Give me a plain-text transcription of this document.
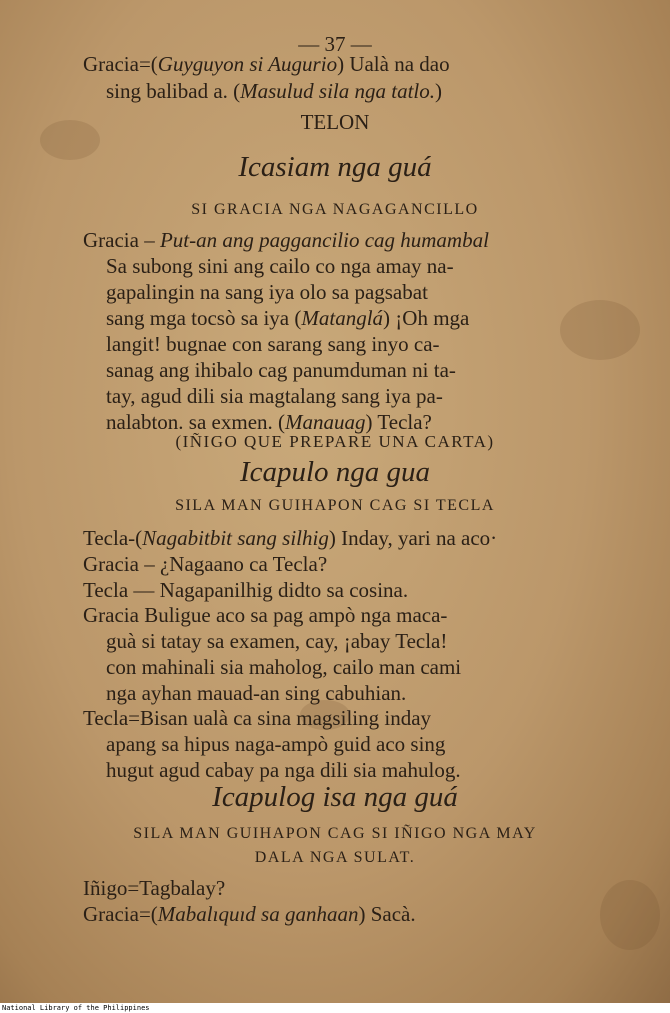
— 37 —
Gracia=(Guyguyon si Augurio) Ualà na dao
sing balibad a. (Masulud sila nga tatlo.)
TELON
Icasiam nga guá
SI GRACIA NGA NAGAGANCILLO
Gracia – Put-an ang paggancilio cag humambal
Sa subong sini ang cailo co nga amay na-
gapalingin na sang iya olo sa pagsabat
sang mga tocsò sa iya (Matanglá) ¡Oh mga
langit! bugnae con sarang sang inyo ca-
sanag ang ihibalo cag panumduman ni ta-
tay, agud dili sia magtalang sang iya pa-
nalabton. sa exmen. (Manauag) Tecla?
(IÑIGO QUE PREPARE UNA CARTA)
Icapulo nga gua
SILA MAN GUIHAPON CAG SI TECLA
Tecla-(Nagabitbit sang silhig) Inday, yari na aco·
Gracia – ¿Nagaano ca Tecla?
Tecla — Nagapanilhig didto sa cosina.
Gracia Buligue aco sa pag ampò nga maca-
guà si tatay sa examen, cay, ¡abay Tecla!
con mahinali sia maholog, cailo man cami
nga ayhan mauad-an sing cabuhian.
Tecla=Bisan ualà ca sina magsiling inday
apang sa hipus naga-ampò guid aco sing
hugut agud cabay pa nga dili sia mahulog.
Icapulog isa nga guá
SILA MAN GUIHAPON CAG SI IÑIGO NGA MAY
DALA NGA SULAT.
Iñigo=Tagbalay?
Gracia=(Mabalıquıd sa ganhaan) Sacà.
National Library of the Philippines
